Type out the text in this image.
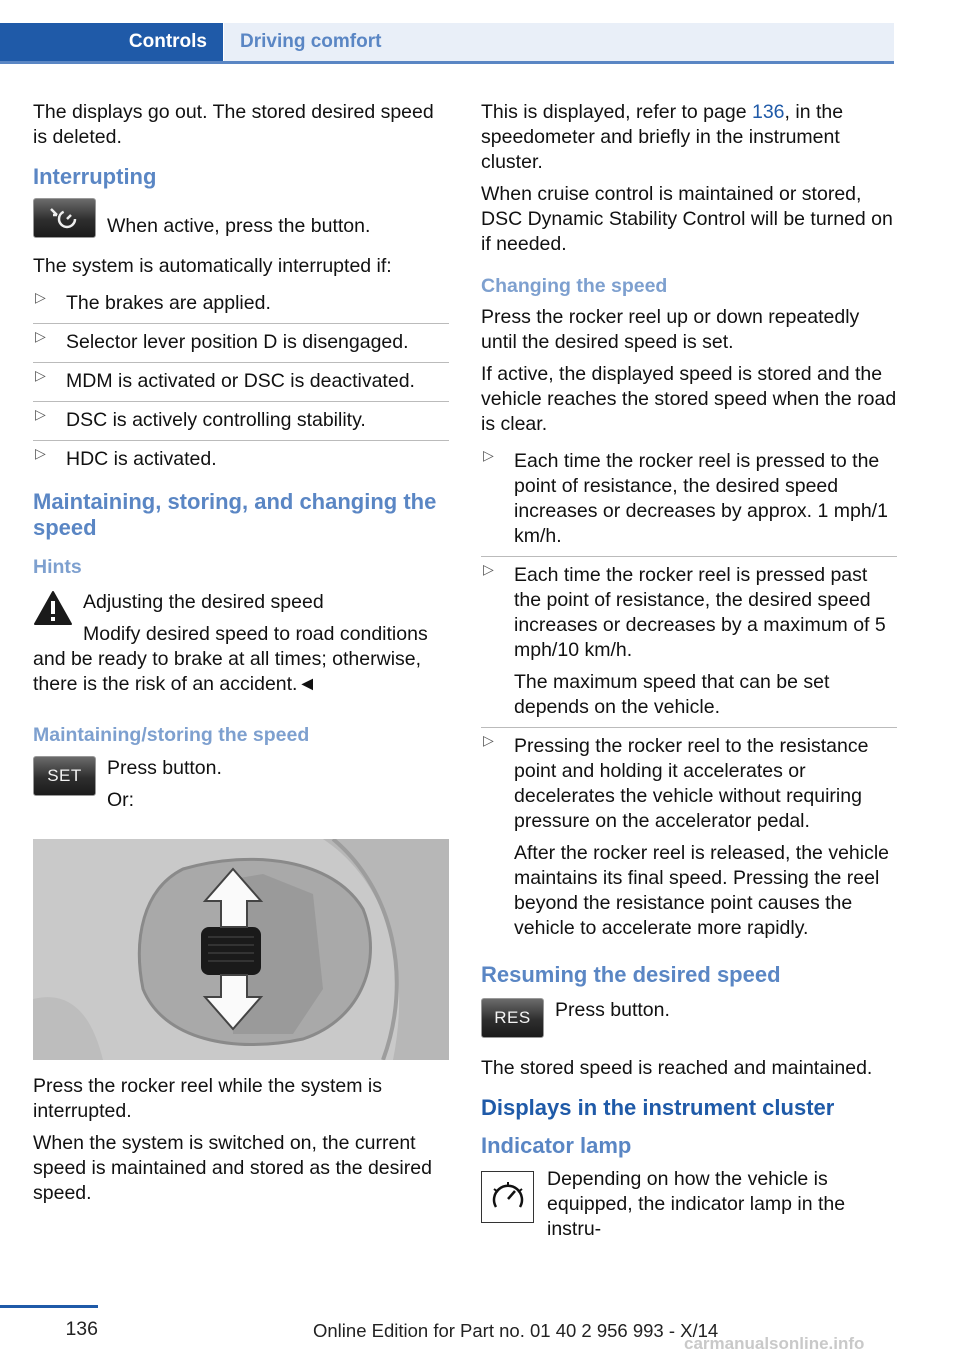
Controls	Driving comfort

The displays go out. The stored desired speed is deleted.

Interrupting

When active, press the button.

The system is automatically interrupted if:

▷ The brakes are applied.
▷ Selector lever position D is disengaged.
▷ MDM is activated or DSC is deactivated.
▷ DSC is actively controlling stability.
▷ HDC is activated.
Maintaining, storing, and changing the speed
Hints

Adjusting the desired speed

Modify desired speed to road conditions and be ready to brake at all times; otherwise, there is the risk of an accident.◄

Maintaining/storing the speed
SET	Press button.

Or:

Press the rocker reel while the system is interrupted.

When the system is switched on, the current speed is maintained and stored as the desired speed.

This is displayed, refer to page 136, in the speedometer and briefly in the instrument cluster.

When cruise control is maintained or stored, DSC Dynamic Stability Control will be turned on if needed.

Changing the speed

Press the rocker reel up or down repeatedly until the desired speed is set.

If active, the displayed speed is stored and the vehicle reaches the stored speed when the road is clear.

▷ Each time the rocker reel is pressed to the point of resistance, the desired speed increases or decreases by approx. 1 mph/1 km/h.
▷ Each time the rocker reel is pressed past the point of resistance, the desired speed increases or decreases by a maximum of 5 mph/10 km/h.

The maximum speed that can be set depends on the vehicle.

▷ Pressing the rocker reel to the resistance point and holding it accelerates or decelerates the vehicle without requiring pressure on the accelerator pedal.

After the rocker reel is released, the vehicle maintains its final speed. Pressing the reel beyond the resistance point causes the vehicle to accelerate more rapidly.

Resuming the desired speed
RES	Press button.

The stored speed is reached and maintained.

Displays in the instrument cluster
Indicator lamp

Depending on how the vehicle is equipped, the indicator lamp in the instru-

136	Online Edition for Part no. 01 40 2 956 993 - X/14
carmanualsonline.info
